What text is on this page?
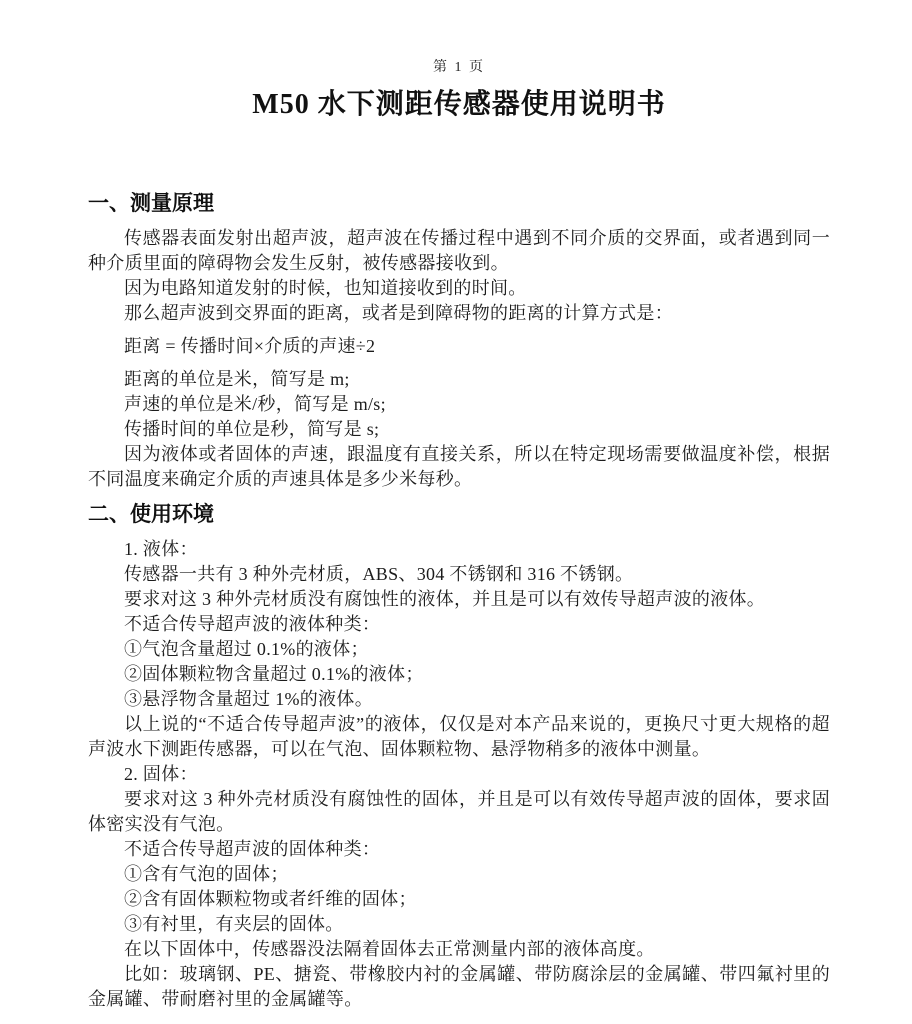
第 1 页
M50 水下测距传感器使用说明书
一、测量原理

传感器表面发射出超声波，超声波在传播过程中遇到不同介质的交界面，或者遇到同一种介质里面的障碍物会发生反射，被传感器接收到。

因为电路知道发射的时候，也知道接收到的时间。

那么超声波到交界面的距离，或者是到障碍物的距离的计算方式是：

距离 = 传播时间×介质的声速÷2

距离的单位是米，简写是 m;

声速的单位是米/秒，简写是 m/s;

传播时间的单位是秒，简写是 s;

因为液体或者固体的声速，跟温度有直接关系，所以在特定现场需要做温度补偿，根据不同温度来确定介质的声速具体是多少米每秒。

二、使用环境

1. 液体：

传感器一共有 3 种外壳材质，ABS、304 不锈钢和 316 不锈钢。

要求对这 3 种外壳材质没有腐蚀性的液体，并且是可以有效传导超声波的液体。

不适合传导超声波的液体种类：

①气泡含量超过 0.1%的液体；

②固体颗粒物含量超过 0.1%的液体；

③悬浮物含量超过 1%的液体。

以上说的“不适合传导超声波”的液体，仅仅是对本产品来说的，更换尺寸更大规格的超声波水下测距传感器，可以在气泡、固体颗粒物、悬浮物稍多的液体中测量。

2. 固体：

要求对这 3 种外壳材质没有腐蚀性的固体，并且是可以有效传导超声波的固体，要求固体密实没有气泡。

不适合传导超声波的固体种类：

①含有气泡的固体；

②含有固体颗粒物或者纤维的固体；

③有衬里，有夹层的固体。

在以下固体中，传感器没法隔着固体去正常测量内部的液体高度。

比如：玻璃钢、PE、搪瓷、带橡胶内衬的金属罐、带防腐涂层的金属罐、带四氟衬里的金属罐、带耐磨衬里的金属罐等。
